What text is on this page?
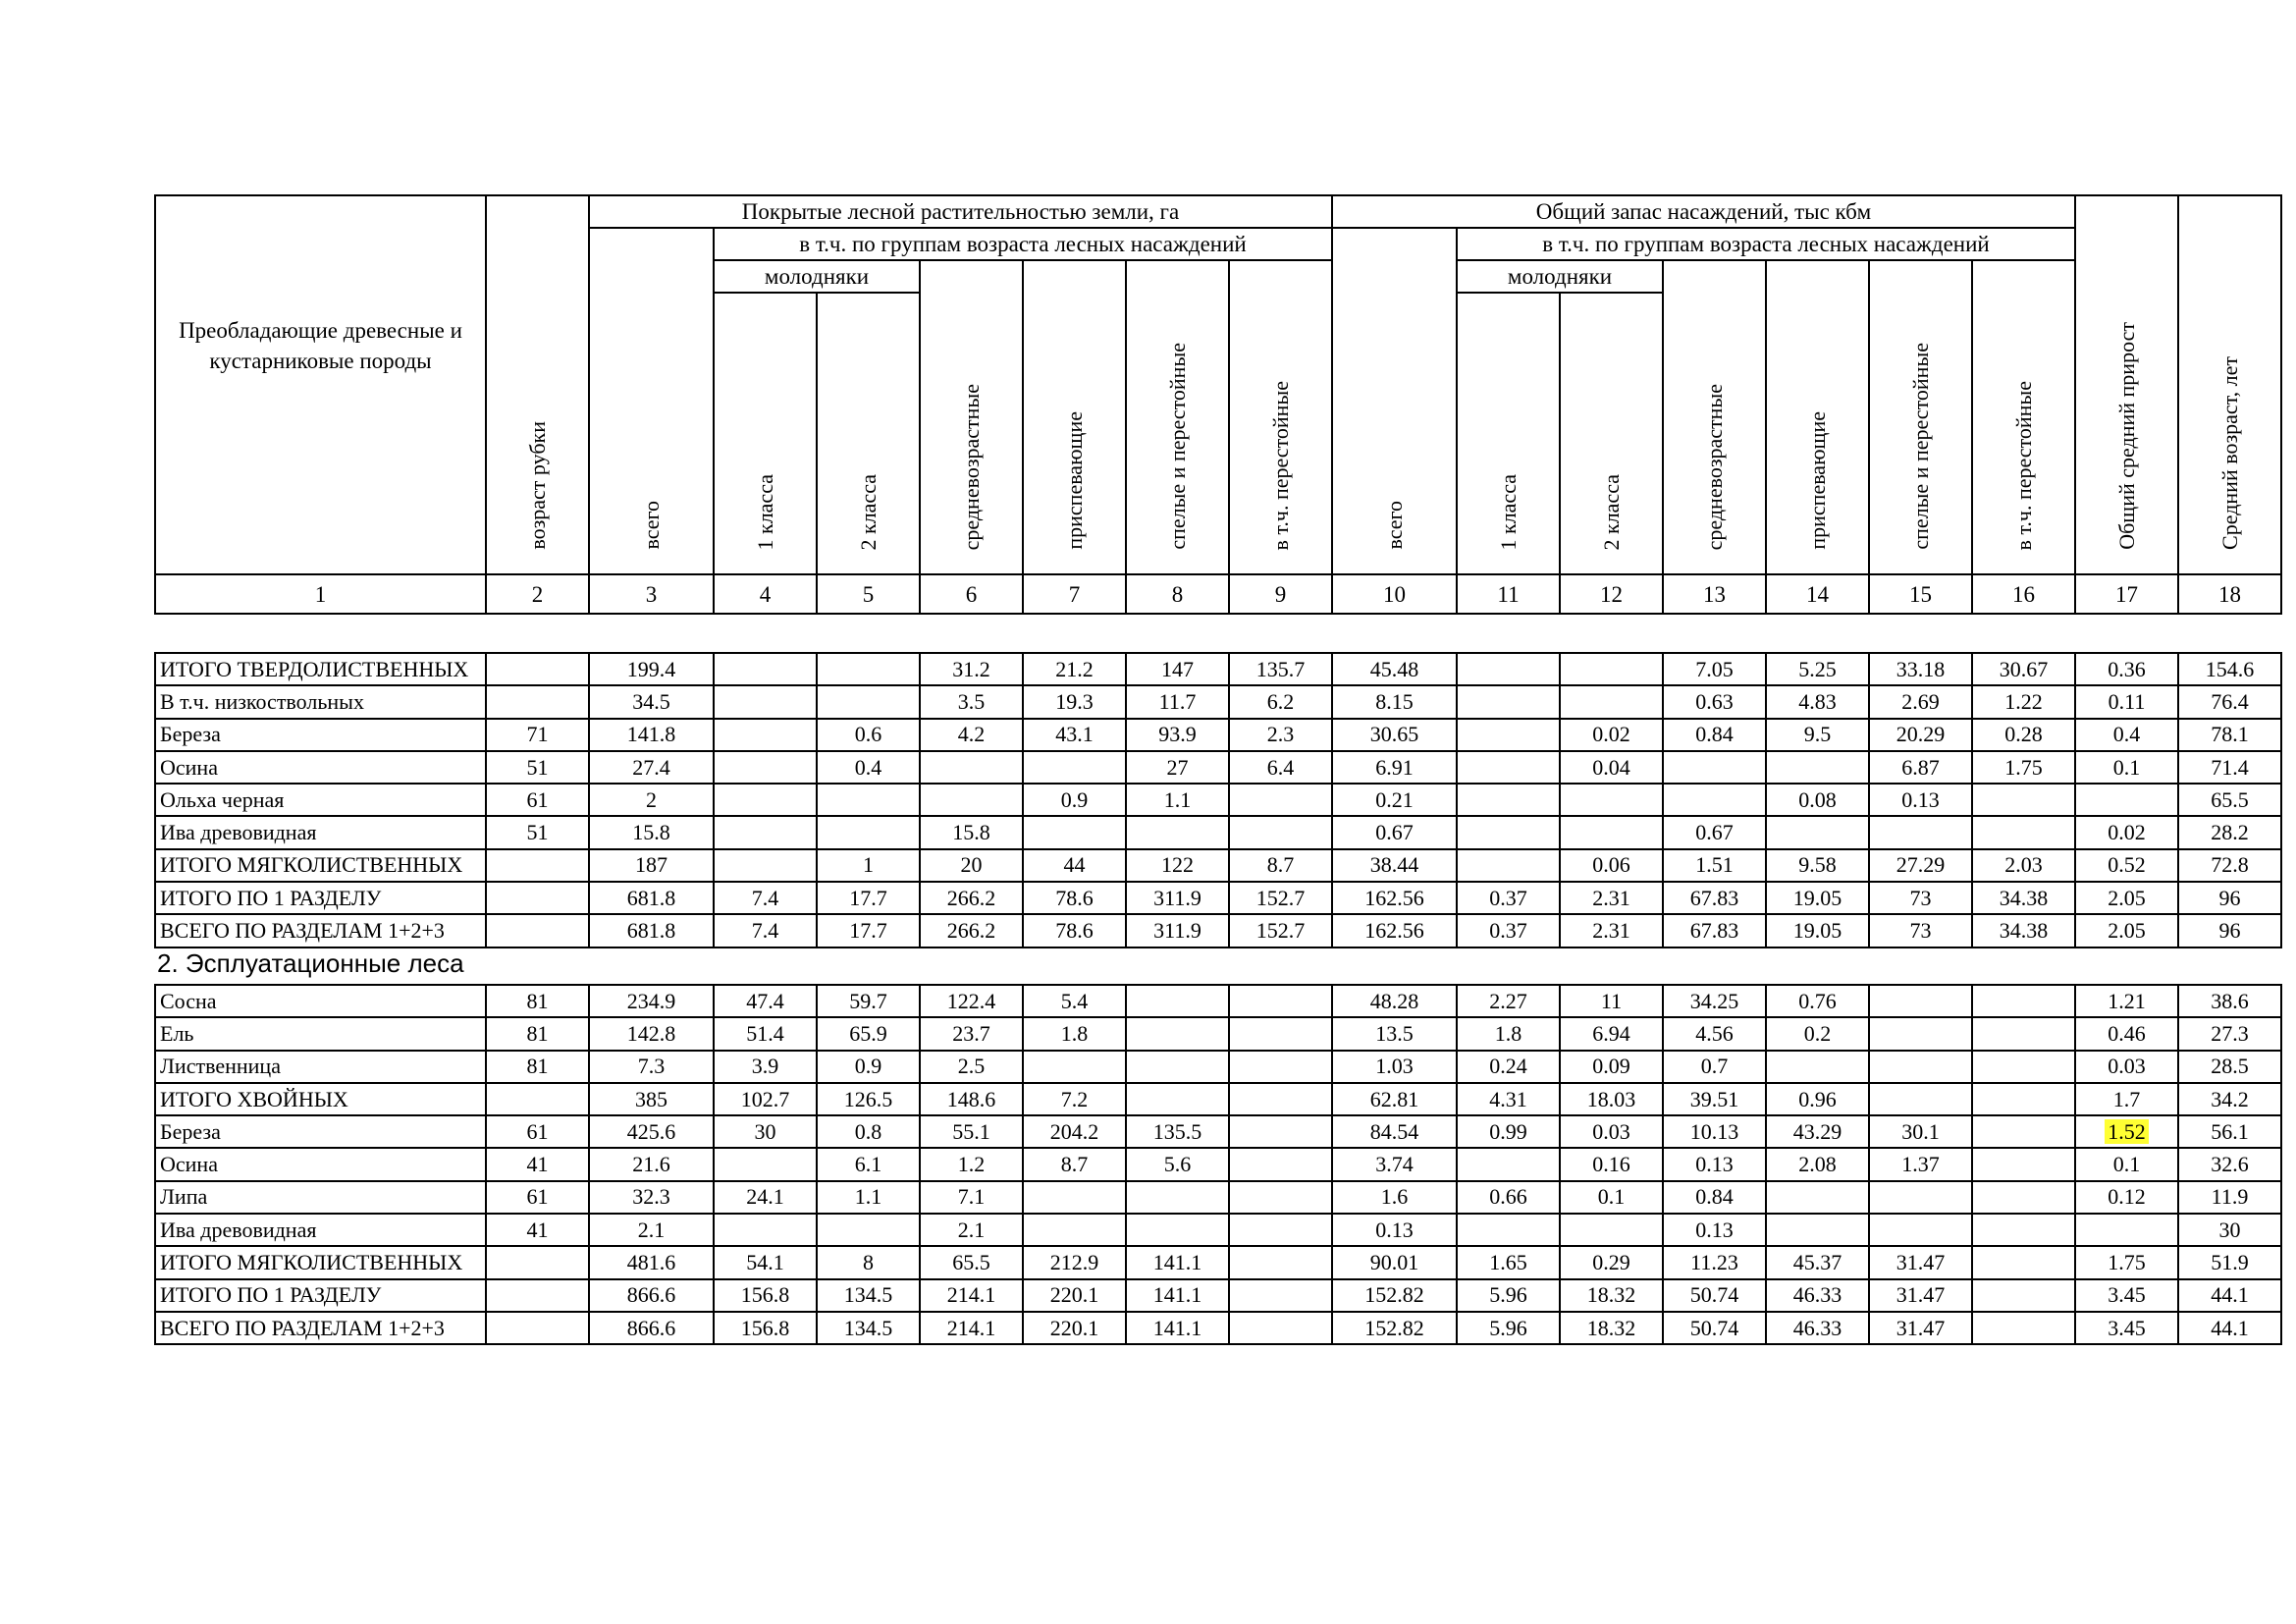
Преобладающие древесные и кустарниковые породы	возраст рубки	Покрытые лесной растительностью земли, га							Общий запас насаждений, тыс кбм							Общий средний прирост	Средний возраст, лет
		всего	в т.ч. по группам возраста лесных насаждений						всего	в т.ч. по группам возраста лесных насаждений							
			молодняки		средневозрастные	приспевающие	спелые и перестойные	в т.ч. перестойные		молодняки		средневозрастные	приспевающие	спелые и перестойные	в т.ч. перестойные		
			1 класса	2 класса						1 класса	2 класса						
1	2	3	4	5	6	7	8	9	10	11	12	13	14	15	16	17	18
ИТОГО ТВЕРДОЛИСТВЕННЫХ		199.4			31.2	21.2	147	135.7	45.48			7.05	5.25	33.18	30.67	0.36	154.6
В т.ч. низкоствольных		34.5			3.5	19.3	11.7	6.2	8.15			0.63	4.83	2.69	1.22	0.11	76.4
Береза	71	141.8		0.6	4.2	43.1	93.9	2.3	30.65		0.02	0.84	9.5	20.29	0.28	0.4	78.1
Осина	51	27.4		0.4			27	6.4	6.91		0.04			6.87	1.75	0.1	71.4
Ольха черная	61	2				0.9	1.1		0.21				0.08	0.13			65.5
Ива древовидная	51	15.8			15.8				0.67			0.67				0.02	28.2
ИТОГО МЯГКОЛИСТВЕННЫХ		187		1	20	44	122	8.7	38.44		0.06	1.51	9.58	27.29	2.03	0.52	72.8
ИТОГО ПО 1 РАЗДЕЛУ		681.8	7.4	17.7	266.2	78.6	311.9	152.7	162.56	0.37	2.31	67.83	19.05	73	34.38	2.05	96
ВСЕГО ПО РАЗДЕЛАМ 1+2+3		681.8	7.4	17.7	266.2	78.6	311.9	152.7	162.56	0.37	2.31	67.83	19.05	73	34.38	2.05	96
2. Эсплуатационные леса
Сосна	81	234.9	47.4	59.7	122.4	5.4			48.28	2.27	11	34.25	0.76			1.21	38.6
Ель	81	142.8	51.4	65.9	23.7	1.8			13.5	1.8	6.94	4.56	0.2			0.46	27.3
Лиственница	81	7.3	3.9	0.9	2.5				1.03	0.24	0.09	0.7				0.03	28.5
ИТОГО ХВОЙНЫХ		385	102.7	126.5	148.6	7.2			62.81	4.31	18.03	39.51	0.96			1.7	34.2
Береза	61	425.6	30	0.8	55.1	204.2	135.5		84.54	0.99	0.03	10.13	43.29	30.1		1.52	56.1
Осина	41	21.6		6.1	1.2	8.7	5.6		3.74		0.16	0.13	2.08	1.37		0.1	32.6
Липа	61	32.3	24.1	1.1	7.1				1.6	0.66	0.1	0.84				0.12	11.9
Ива древовидная	41	2.1			2.1				0.13			0.13					30
ИТОГО МЯГКОЛИСТВЕННЫХ		481.6	54.1	8	65.5	212.9	141.1		90.01	1.65	0.29	11.23	45.37	31.47		1.75	51.9
ИТОГО ПО 1 РАЗДЕЛУ		866.6	156.8	134.5	214.1	220.1	141.1		152.82	5.96	18.32	50.74	46.33	31.47		3.45	44.1
ВСЕГО ПО РАЗДЕЛАМ 1+2+3		866.6	156.8	134.5	214.1	220.1	141.1		152.82	5.96	18.32	50.74	46.33	31.47		3.45	44.1
